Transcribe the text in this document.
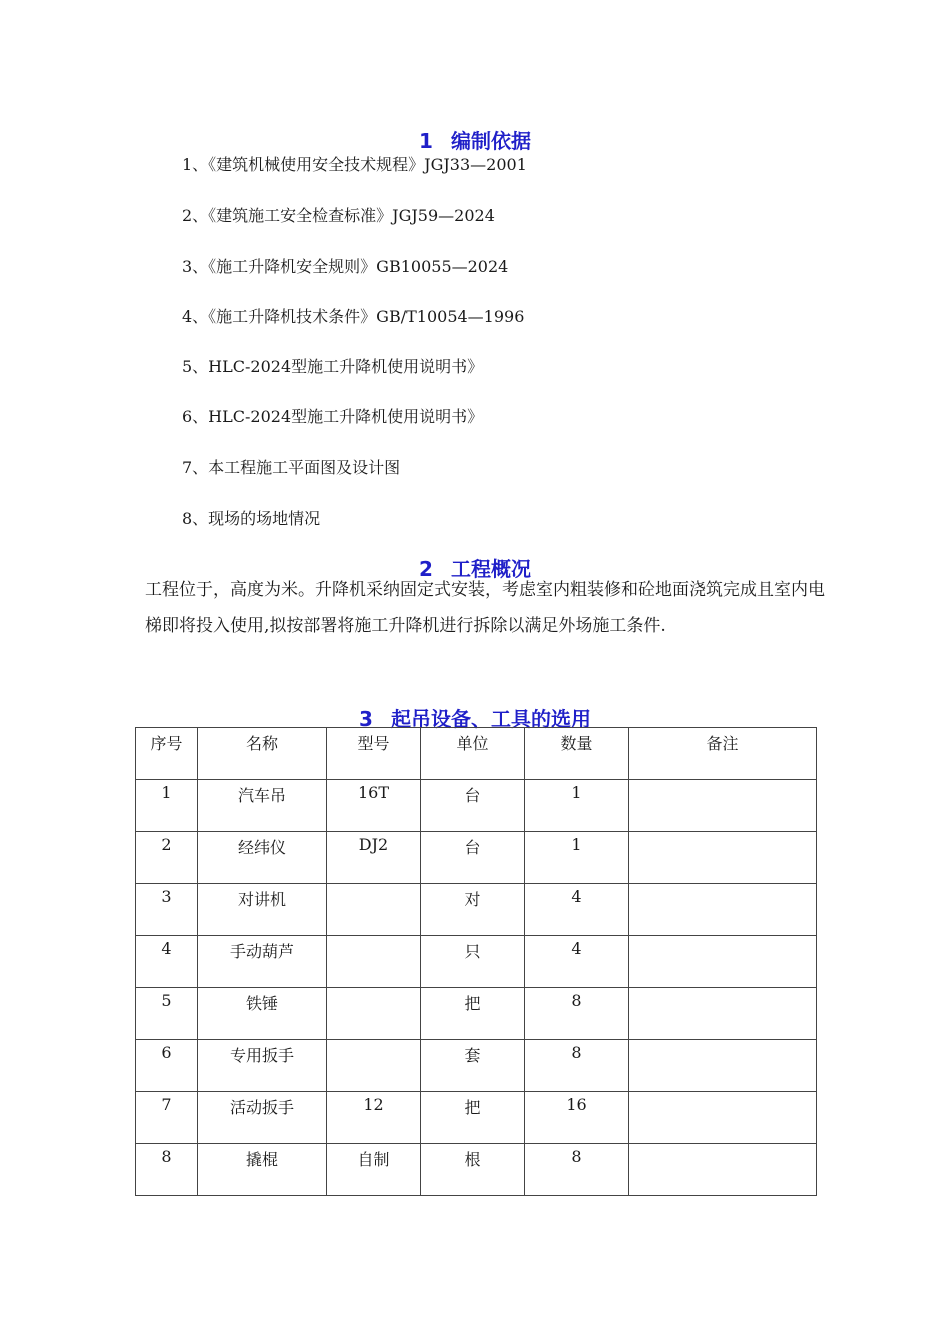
1 编制依据
1、《建筑机械使用安全技术规程》JGJ33—2001
2、《建筑施工安全检查标准》JGJ59—2024
3、《施工升降机安全规则》GB10055—2024
4、《施工升降机技术条件》GB/T10054—1996
5、HLC-2024型施工升降机使用说明书》
6、HLC-2024型施工升降机使用说明书》
7、本工程施工平面图及设计图
8、现场的场地情况
2 工程概况

工程位于，高度为米。升降机采纳固定式安装，考虑室内粗装修和砼地面浇筑完成且室内电梯即将投入使用,拟按部署将施工升降机进行拆除以满足外场施工条件.

3 起吊设备、工具的选用
序号	名称	型号	单位	数量	备注
1	汽车吊	16T	台	1	
2	经纬仪	DJ2	台	1	
3	对讲机		对	4	
4	手动葫芦		只	4	
5	铁锤		把	8	
6	专用扳手		套	8	
7	活动扳手	12	把	16	
8	撬棍	自制	根	8	
